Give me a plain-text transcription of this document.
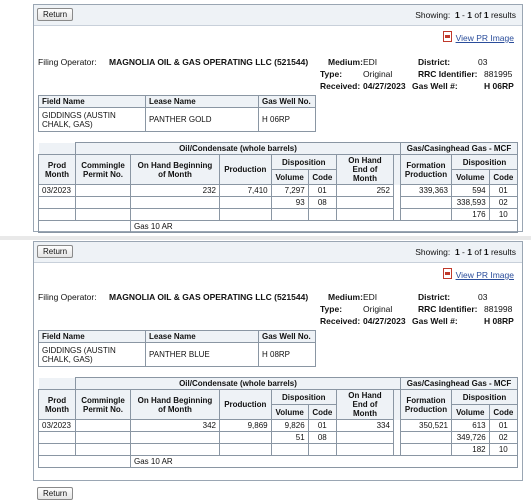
Return	Showing: 1 - 1 of 1 results
View PR Image
Filing Operator: MAGNOLIA OIL & GAS OPERATING LLC (521544) Medium: EDI	District:	03
Type: Original	RRC Identifier: 881995
Received: 04/27/2023 Gas Well #:	H 06RP
Field Name	Lease Name	Gas Well No.
GIDDINGS (AUSTIN
CHALK, GAS)	PANTHER GOLD	H 06RP
	Oil/Condensate (whole barrels)							Gas/Casinghead Gas - MCF		
Prod Month	Commingle Permit No.	On Hand Beginning of Month	Production	Disposition		On Hand End of Month		Formation Production	Disposition	
				Volume	Code				Volume	Code
03/2023		232	7,410	7,297	01	252		339,363	594	01
				93	08				338,593	02
									176	10
		Gas 10 AR								
Return	Showing: 1 - 1 of 1 results
View PR Image
Filing Operator: MAGNOLIA OIL & GAS OPERATING LLC (521544) Medium: EDI	District:	03
Type: Original	RRC Identifier: 881998
Received: 04/27/2023 Gas Well #:	H 08RP
Field Name	Lease Name	Gas Well No.
GIDDINGS (AUSTIN
CHALK, GAS)	PANTHER BLUE	H 08RP
	Oil/Condensate (whole barrels)							Gas/Casinghead Gas - MCF		
Prod Month	Commingle Permit No.	On Hand Beginning of Month	Production	Disposition		On Hand End of Month		Formation Production	Disposition	
				Volume	Code				Volume	Code
03/2023		342	9,869	9,826	01	334		350,521	613	01
				51	08				349,726	02
									182	10
		Gas 10 AR								
Return
